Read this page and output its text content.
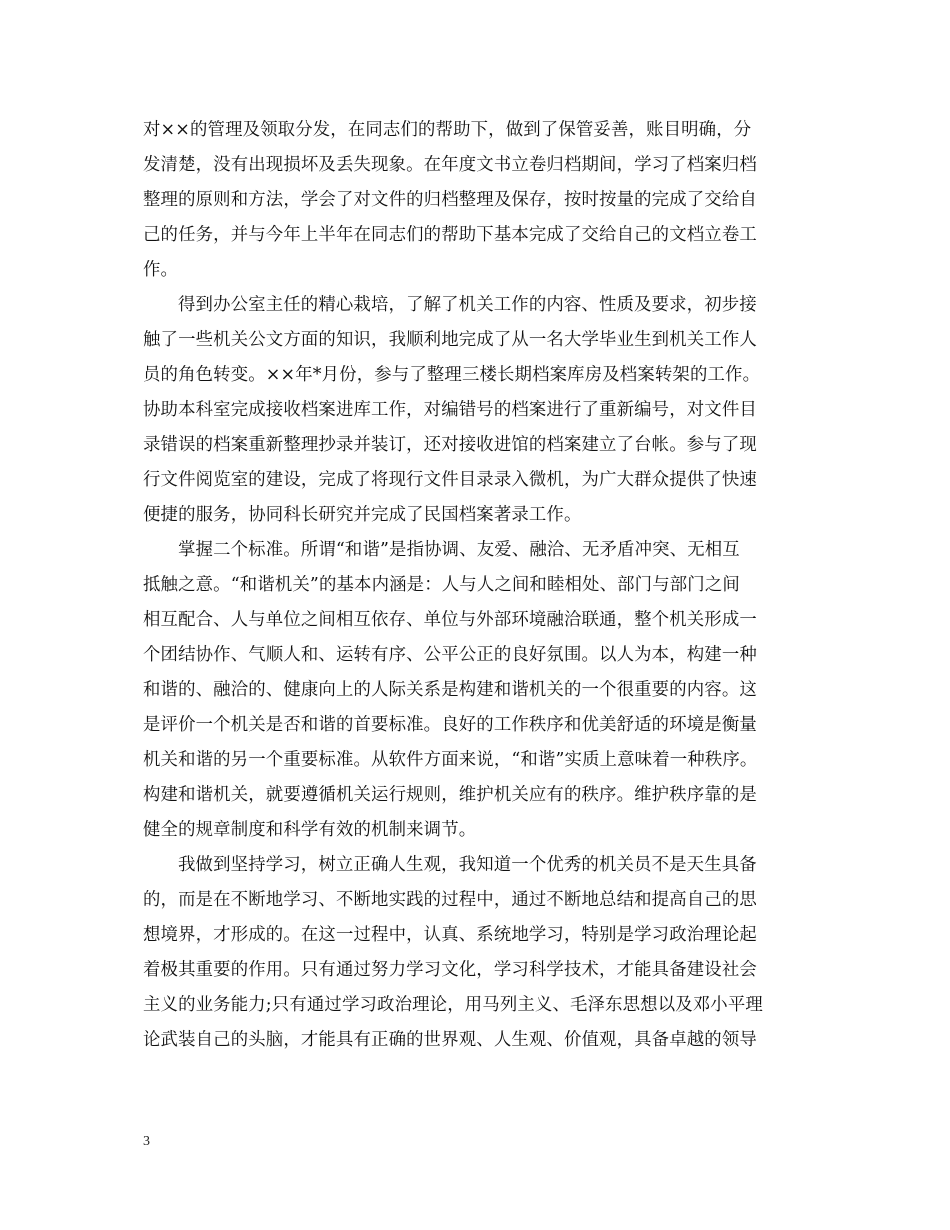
对××的管理及领取分发，在同志们的帮助下，做到了保管妥善，账目明确，分
发清楚，没有出现损坏及丢失现象。在年度文书立卷归档期间，学习了档案归档
整理的原则和方法，学会了对文件的归档整理及保存，按时按量的完成了交给自
己的任务，并与今年上半年在同志们的帮助下基本完成了交给自己的文档立卷工
作。
得到办公室主任的精心栽培，了解了机关工作的内容、性质及要求，初步接
触了一些机关公文方面的知识，我顺利地完成了从一名大学毕业生到机关工作人
员的角色转变。××年*月份，参与了整理三楼长期档案库房及档案转架的工作。
协助本科室完成接收档案进库工作，对编错号的档案进行了重新编号，对文件目
录错误的档案重新整理抄录并装订，还对接收进馆的档案建立了台帐。参与了现
行文件阅览室的建设，完成了将现行文件目录录入微机，为广大群众提供了快速
便捷的服务，协同科长研究并完成了民国档案著录工作。
掌握二个标准。所谓“和谐”是指协调、友爱、融洽、无矛盾冲突、无相互
抵触之意。“和谐机关”的基本内涵是：人与人之间和睦相处、部门与部门之间
相互配合、人与单位之间相互依存、单位与外部环境融洽联通，整个机关形成一
个团结协作、气顺人和、运转有序、公平公正的良好氛围。以人为本，构建一种
和谐的、融洽的、健康向上的人际关系是构建和谐机关的一个很重要的内容。这
是评价一个机关是否和谐的首要标准。良好的工作秩序和优美舒适的环境是衡量
机关和谐的另一个重要标准。从软件方面来说，“和谐”实质上意味着一种秩序。
构建和谐机关，就要遵循机关运行规则，维护机关应有的秩序。维护秩序靠的是
健全的规章制度和科学有效的机制来调节。
我做到坚持学习，树立正确人生观，我知道一个优秀的机关员不是天生具备
的，而是在不断地学习、不断地实践的过程中，通过不断地总结和提高自己的思
想境界，才形成的。在这一过程中，认真、系统地学习，特别是学习政治理论起
着极其重要的作用。只有通过努力学习文化，学习科学技术，才能具备建设社会
主义的业务能力;只有通过学习政治理论，用马列主义、毛泽东思想以及邓小平理
论武装自己的头脑，才能具有正确的世界观、人生观、价值观，具备卓越的领导
3
